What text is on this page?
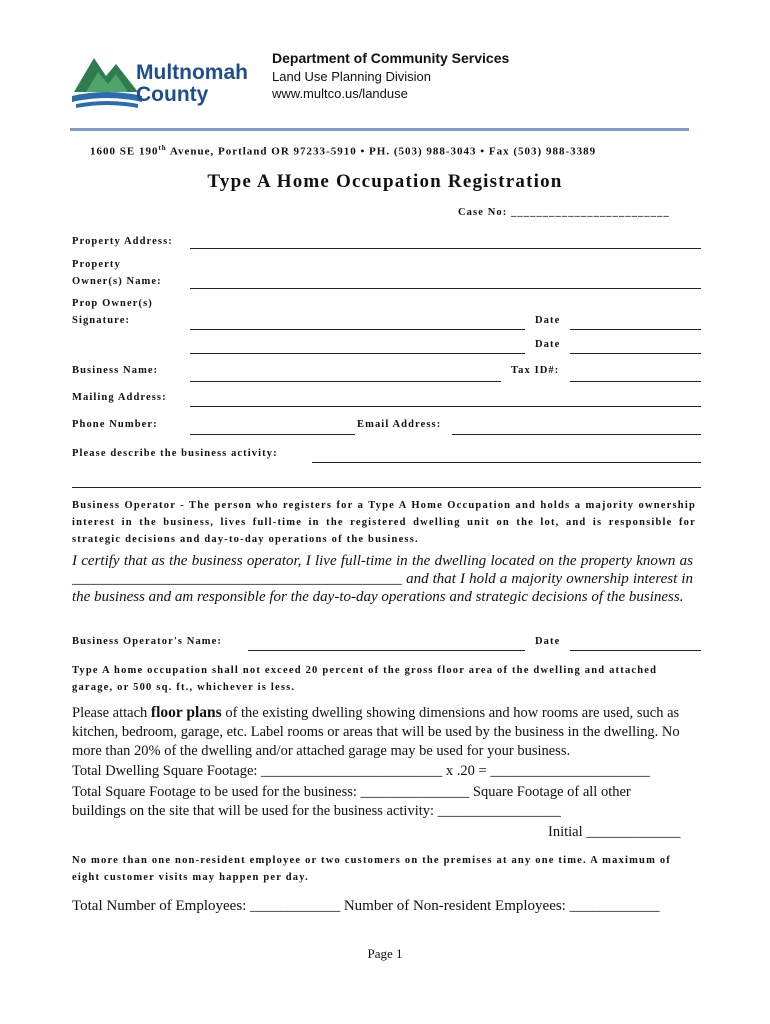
Multnomah
County
Department of Community Services
Land Use Planning Division
www.multco.us/landuse
1600 SE 190th Avenue, Portland OR 97233-5910 • PH. (503) 988-3043 • Fax (503) 988-3389
Type A Home Occupation Registration
Case No: _________________________
Property Address:
Property
Owner(s) Name:
Prop Owner(s)
Signature:	Date
Date
Business Name:	Tax ID#:
Mailing Address:
Phone Number:	Email Address:
Please describe the business activity:
Business Operator - The person who registers for a Type A Home Occupation and holds a majority ownership interest in the business, lives full-time in the registered dwelling unit on the lot, and is responsible for strategic decisions and day-to-day operations of the business.
I certify that as the business operator, I live full-time in the dwelling located on the property known as ____________________________________________ and that I hold a majority ownership interest in the business and am responsible for the day-to-day operations and strategic decisions of the business.
Business Operator's Name:	Date
Type A home occupation shall not exceed 20 percent of the gross floor area of the dwelling and attached garage, or 500 sq. ft., whichever is less.
Please attach floor plans of the existing dwelling showing dimensions and how rooms are used, such as kitchen, bedroom, garage, etc. Label rooms or areas that will be used by the business in the dwelling. No more than 20% of the dwelling and/or attached garage may be used for your business.
Total Dwelling Square Footage: _________________________ x .20 = ______________________
Total Square Footage to be used for the business: _______________ Square Footage of all other buildings on the site that will be used for the business activity: _________________
Initial _____________
No more than one non-resident employee or two customers on the premises at any one time. A maximum of eight customer visits may happen per day.
Total Number of Employees: ____________ Number of Non-resident Employees: ____________
Page 1
